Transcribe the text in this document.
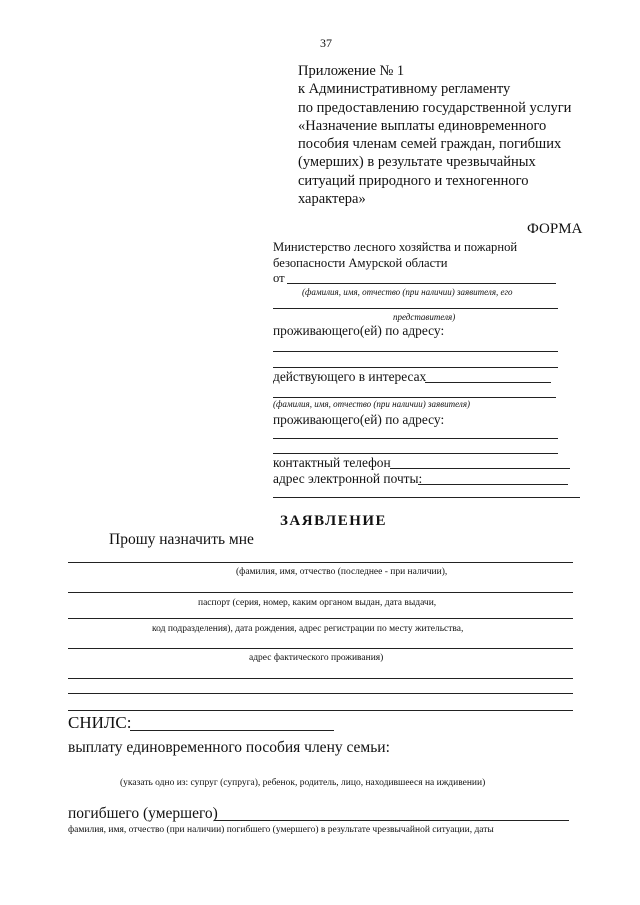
37
Приложение № 1
к Административному регламенту
по предоставлению государственной услуги
«Назначение выплаты единовременного
пособия членам семей граждан, погибших
(умерших) в результате чрезвычайных
ситуаций природного и техногенного
характера»
ФОРМА
Министерство лесного хозяйства и пожарной
безопасности Амурской области
от
(фамилия, имя, отчество (при наличии) заявителя, его
представителя)
проживающего(ей) по адресу:
действующего в интересах
(фамилия, имя, отчество (при наличии) заявителя)
проживающего(ей) по адресу:
контактный телефон
адрес электронной почты:
ЗАЯВЛЕНИЕ
Прошу назначить мне
(фамилия, имя, отчество (последнее - при наличии),
паспорт (серия, номер, каким органом выдан, дата выдачи,
код подразделения), дата рождения, адрес регистрации по месту жительства,
адрес фактического проживания)
СНИЛС:
выплату единовременного пособия члену семьи:
(указать одно из: супруг (супруга), ребенок, родитель, лицо, находившееся на иждивении)
погибшего (умершего)
фамилия, имя, отчество (при наличии) погибшего (умершего) в результате чрезвычайной ситуации, даты
